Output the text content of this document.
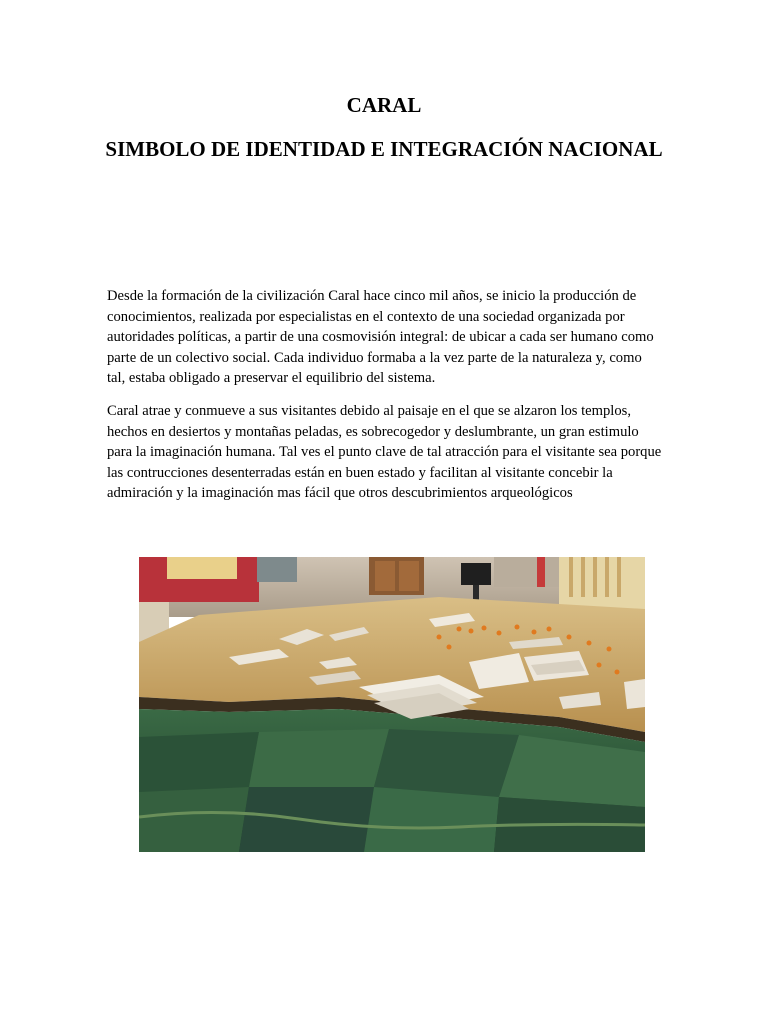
CARAL
SIMBOLO DE IDENTIDAD E INTEGRACIÓN NACIONAL

Desde la formación de la civilización Caral hace cinco mil años, se inicio la producción de conocimientos, realizada por especialistas en el contexto de una sociedad organizada por autoridades políticas, a partir de una cosmovisión integral: de ubicar a cada ser humano como parte de un colectivo social. Cada individuo formaba a la vez parte de la naturaleza y, como tal, estaba obligado a preservar el equilibrio del sistema.

Caral atrae y conmueve a sus visitantes debido al paisaje en el que se alzaron los templos, hechos en desiertos y montañas peladas, es sobrecogedor y deslumbrante, un gran estimulo para la imaginación humana. Tal ves el punto clave de tal atracción para el visitante sea porque las contrucciones desenterradas están en buen estado y facilitan al visitante concebir la admiración y la imaginación mas fácil que otros descubrimientos arqueológicos
